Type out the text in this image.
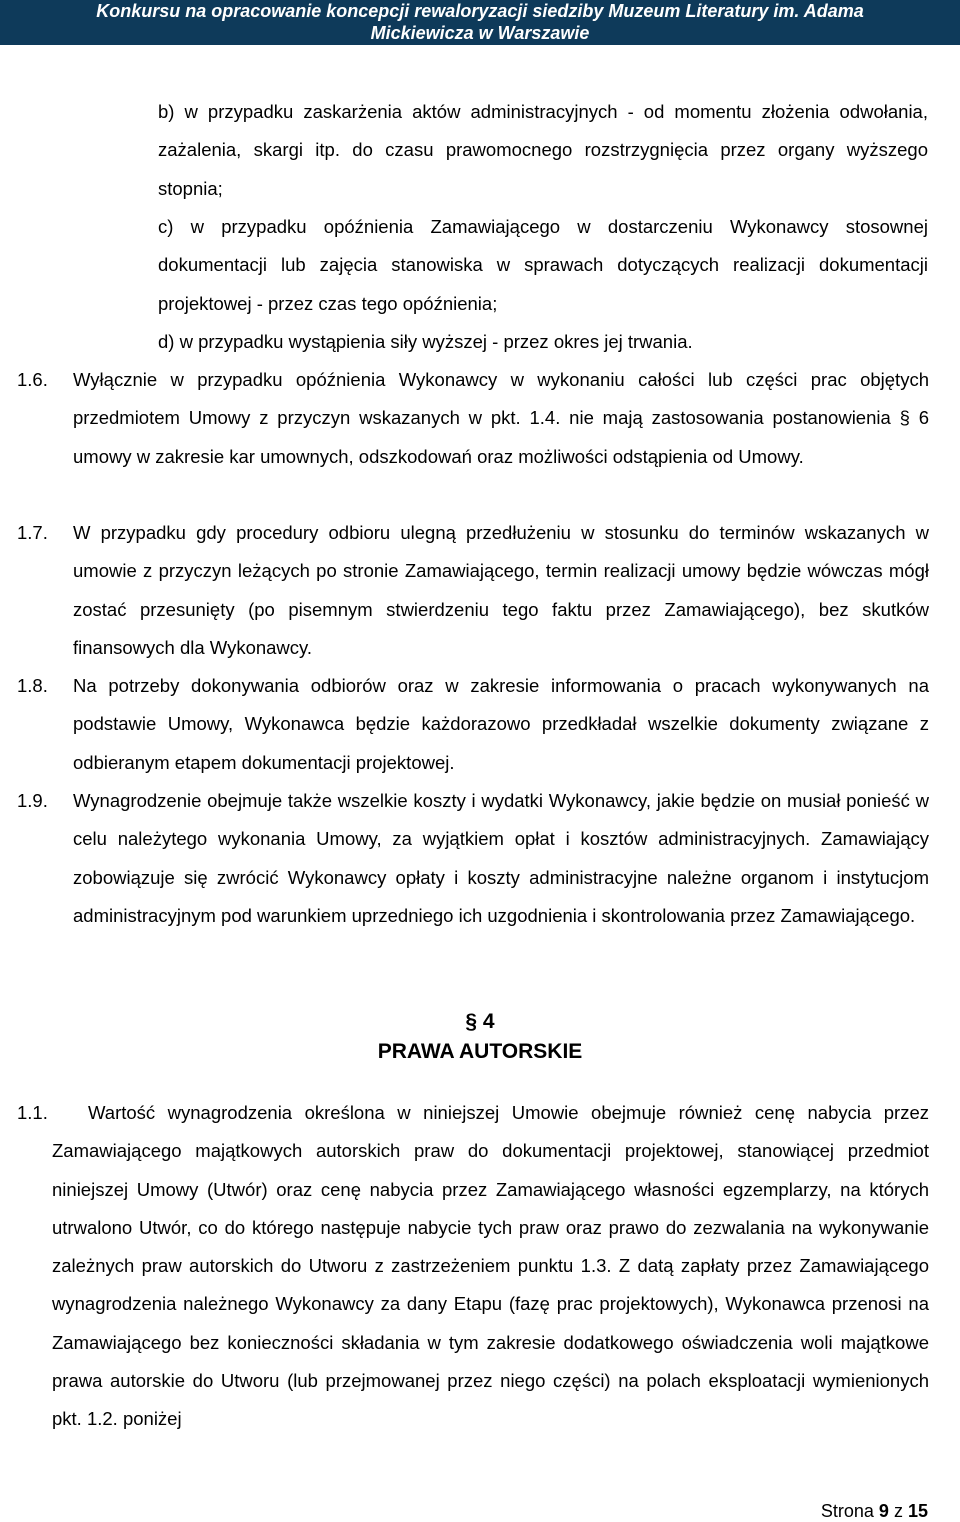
Konkursu na opracowanie koncepcji rewaloryzacji siedziby Muzeum Literatury im. Adama
Mickiewicza w Warszawie
b) w przypadku zaskarżenia aktów administracyjnych - od momentu złożenia odwołania, zażalenia, skargi itp. do czasu prawomocnego rozstrzygnięcia przez organy wyższego stopnia;
c) w przypadku opóźnienia Zamawiającego w dostarczeniu Wykonawcy stosownej dokumentacji lub zajęcia stanowiska w sprawach dotyczących realizacji dokumentacji projektowej - przez czas tego opóźnienia;
d) w przypadku wystąpienia siły wyższej - przez okres jej trwania.
1.6. Wyłącznie w przypadku opóźnienia Wykonawcy w wykonaniu całości lub części prac objętych przedmiotem Umowy z przyczyn wskazanych w pkt. 1.4. nie mają zastosowania postanowienia § 6 umowy w zakresie kar umownych, odszkodowań oraz możliwości odstąpienia od Umowy.
1.7. W przypadku gdy procedury odbioru ulegną przedłużeniu w stosunku do terminów wskazanych w umowie z przyczyn leżących po stronie Zamawiającego, termin realizacji umowy będzie wówczas mógł zostać przesunięty (po pisemnym stwierdzeniu tego faktu przez Zamawiającego), bez skutków finansowych dla Wykonawcy.
1.8. Na potrzeby dokonywania odbiorów oraz w zakresie informowania o pracach wykonywanych na podstawie Umowy, Wykonawca będzie każdorazowo przedkładał wszelkie dokumenty związane z odbieranym etapem dokumentacji projektowej.
1.9. Wynagrodzenie obejmuje także wszelkie koszty i wydatki Wykonawcy, jakie będzie on musiał ponieść w celu należytego wykonania Umowy, za wyjątkiem opłat i kosztów administracyjnych. Zamawiający zobowiązuje się zwrócić Wykonawcy opłaty i koszty administracyjne należne organom i instytucjom administracyjnym pod warunkiem uprzedniego ich uzgodnienia i skontrolowania przez Zamawiającego.
§ 4
PRAWA AUTORSKIE
1.1.	Wartość wynagrodzenia określona w niniejszej Umowie obejmuje również cenę nabycia przez Zamawiającego majątkowych autorskich praw do dokumentacji projektowej, stanowiącej przedmiot niniejszej Umowy (Utwór) oraz cenę nabycia przez Zamawiającego własności egzemplarzy, na których utrwalono Utwór, co do którego następuje nabycie tych praw oraz prawo do zezwalania na wykonywanie zależnych praw autorskich do Utworu z zastrzeżeniem punktu 1.3. Z datą zapłaty przez Zamawiającego wynagrodzenia należnego Wykonawcy za dany Etapu (fazę prac projektowych), Wykonawca przenosi na Zamawiającego bez konieczności składania w tym zakresie dodatkowego oświadczenia woli majątkowe prawa autorskie do Utworu (lub przejmowanej przez niego części) na polach eksploatacji wymienionych pkt. 1.2. poniżej
Strona 9 z 15
